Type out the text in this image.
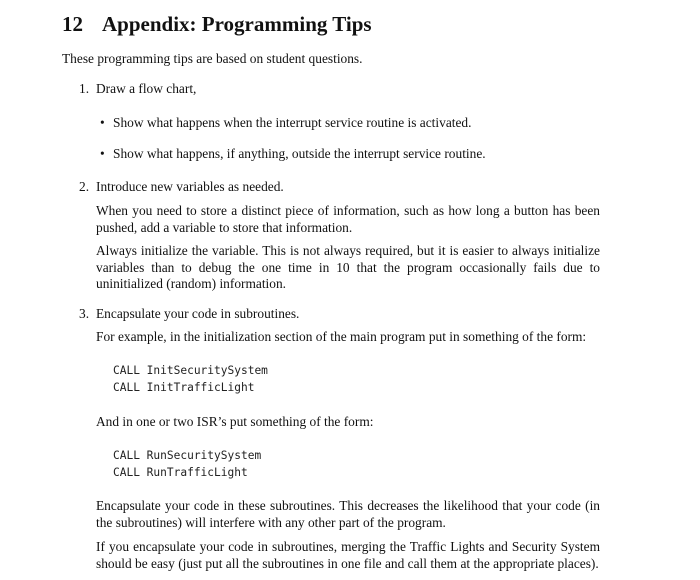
12 Appendix: Programming Tips

These programming tips are based on student questions.

1. Draw a flow chart,
• Show what happens when the interrupt service routine is activated.
• Show what happens, if anything, outside the interrupt service routine.
2. Introduce new variables as needed.

When you need to store a distinct piece of information, such as how long a button has been pushed, add a variable to store that information.

Always initialize the variable. This is not always required, but it is easier to always initialize variables than to debug the one time in 10 that the program occasionally fails due to uninitialized (random) information.

3. Encapsulate your code in subroutines.

For example, in the initialization section of the main program put in something of the form:

CALL InitSecuritySystem
CALL InitTrafficLight

And in one or two ISR’s put something of the form:

CALL RunSecuritySystem
CALL RunTrafficLight

Encapsulate your code in these subroutines. This decreases the likelihood that your code (in the subroutines) will interfere with any other part of the program.

If you encapsulate your code in subroutines, merging the Traffic Lights and Security System should be easy (just put all the subroutines in one file and call them at the appropriate places).
